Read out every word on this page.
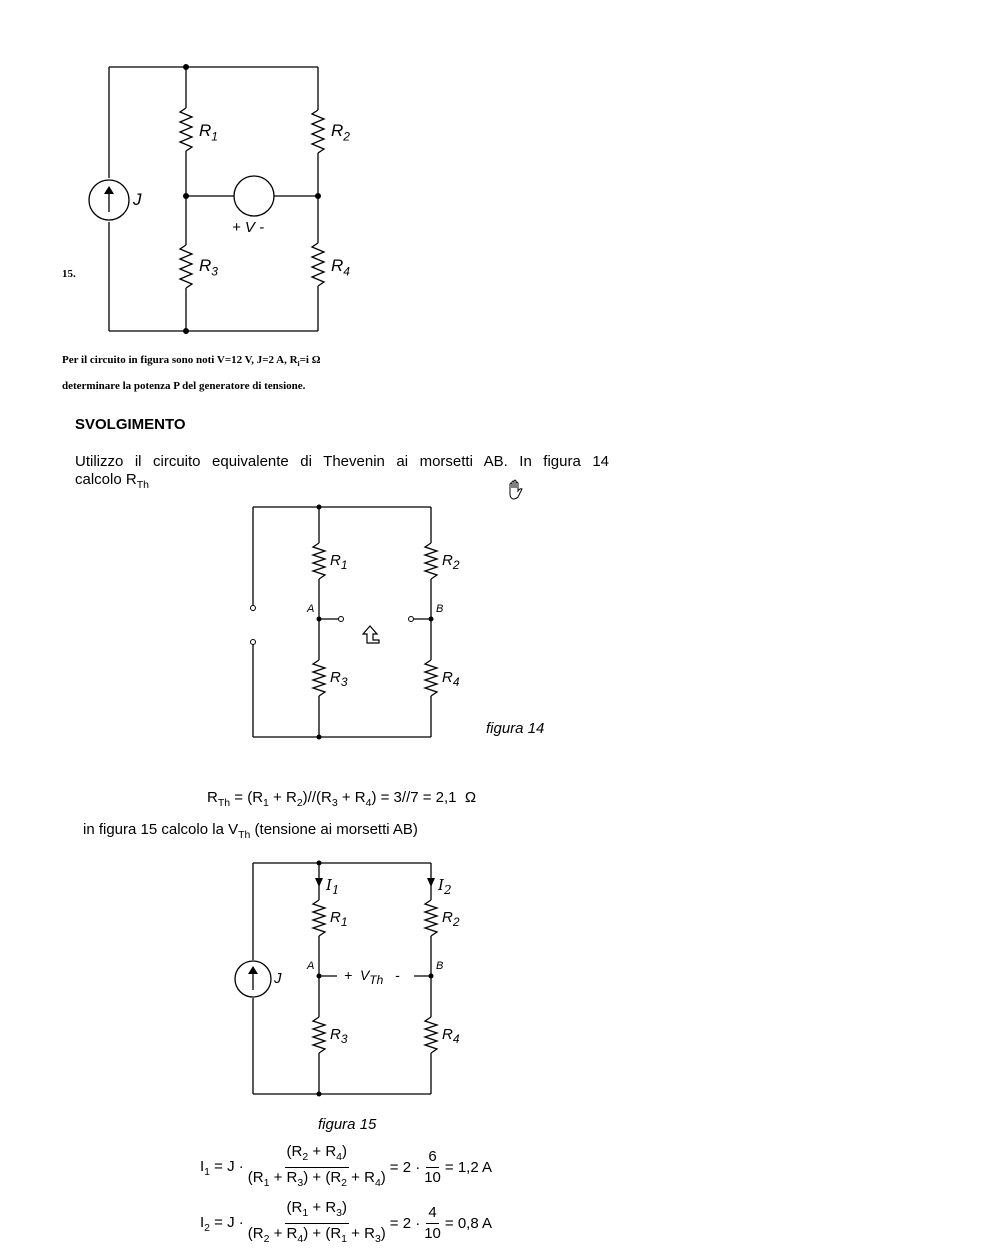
$R_1$	$R_2$
$R_3$	$R_4$
J
+ V -
15.
Per il circuito in figura sono noti V=12 V, J=2 A, $R_i=i$ Ω
determinare la potenza P del generatore di tensione.
SVOLGIMENTO
Utilizzo il circuito equivalente di Thevenin ai morsetti AB. In figura 14
calcolo $R_{Th}$
$R_1$	$R_2$
$R_3$	$R_4$
A	B
figura 14
$R_{Th} = (R_1 + R_2)//(R_3 + R_4) = 3//7 = 2,1$  Ω
in figura 15 calcolo la $V_{Th}$ (tensione ai morsetti AB)
$I_1$	$I_2$
$R_1$	$R_2$
$R_3$	$R_4$
A	B
J	+  $V_{Th}$   -
figura 15
$I_1 = J \cdot \frac{(R_2 + R_4)}{(R_1 + R_3) + (R_2 + R_4)} = 2 \cdot \frac{6}{10} = 1,2$ A
$I_2 = J \cdot \frac{(R_1 + R_3)}{(R_2 + R_4) + (R_1 + R_3)} = 2 \cdot \frac{4}{10} = 0,8$ A
